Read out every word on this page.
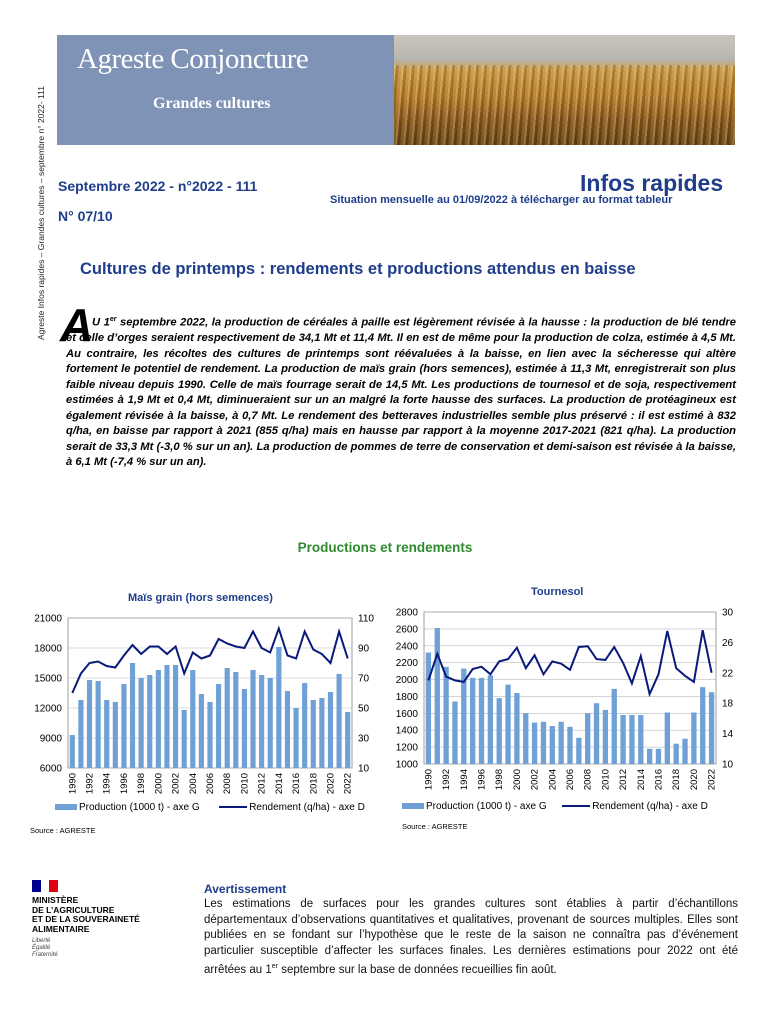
Agreste Infos rapides – Grandes cultures – septembre n° 2022- 111
Agreste Conjoncture
Grandes cultures
Septembre 2022 - n°2022 - 111
N° 07/10
Infos rapides
Situation mensuelle au 01/09/2022 à télécharger au format tableur
Cultures de printemps : rendements et productions attendus en baisse
A

U 1er septembre 2022, la production de céréales à paille est légèrement révisée à la hausse : la production de blé tendre et celle d’orges seraient respectivement de 34,1 Mt et 11,4 Mt. Il en est de même pour la production de colza, estimée à 4,5 Mt. Au contraire, les récoltes des cultures de printemps sont réévaluées à la baisse, en lien avec la sécheresse qui altère fortement le potentiel de rendement. La production de maïs grain (hors semences), estimée à 11,3 Mt, enregistrerait son plus faible niveau depuis 1990. Celle de maïs fourrage serait de 14,5 Mt. Les productions de tournesol et de soja, respectivement estimées à 1,9 Mt et 0,4 Mt, diminueraient sur un an malgré la forte hausse des surfaces. La production de protéagineux est également révisée à la baisse, à 0,7 Mt. Le rendement des betteraves industrielles semble plus préservé : il est estimé à 832 q/ha, en baisse par rapport à 2021 (855 q/ha) mais en hausse par rapport à la moyenne 2017-2021 (821 q/ha). La production serait de 33,3 Mt (-3,0 % sur un an). La production de pommes de terre de conservation et demi-saison est révisée à la baisse, à 6,1 Mt (-7,4 % sur un an).

Productions et rendements
Maïs grain (hors semences)
6000
9000
12000
15000
18000
21000
10
30
50
70
90
110
1990 1992 1994 1996 1998 2000 2002 2004 2006 2008 2010 2012 2014 2016 2018 2020 2022
Production (1000 t) - axe G	Rendement (q/ha) - axe D
Source : AGRESTE
Tournesol
1000
1200
1400
1600
1800
2000
2200
2400
2600
2800
10
14
18
22
26
30
1990 1992 1994 1996 1998 2000 2002 2004 2006 2008 2010 2012 2014 2016 2018 2020 2022
Production (1000 t) - axe G	Rendement (q/ha) - axe D
Source : AGRESTE
MINISTÈRE
DE L’AGRICULTURE
ET DE LA SOUVERAINETÉ
ALIMENTAIRE
Liberté
Égalité
Fraternité
Avertissement
Les estimations de surfaces pour les grandes cultures sont établies à partir d’échantillons départementaux d’observations quantitatives et qualitatives, provenant de sources multiples. Elles sont publiées en se fondant sur l’hypothèse que le reste de la saison ne connaîtra pas d’événement particulier susceptible d’affecter les surfaces finales. Les dernières estimations pour 2022 ont été arrêtées au 1er septembre sur la base de données recueillies fin août.
